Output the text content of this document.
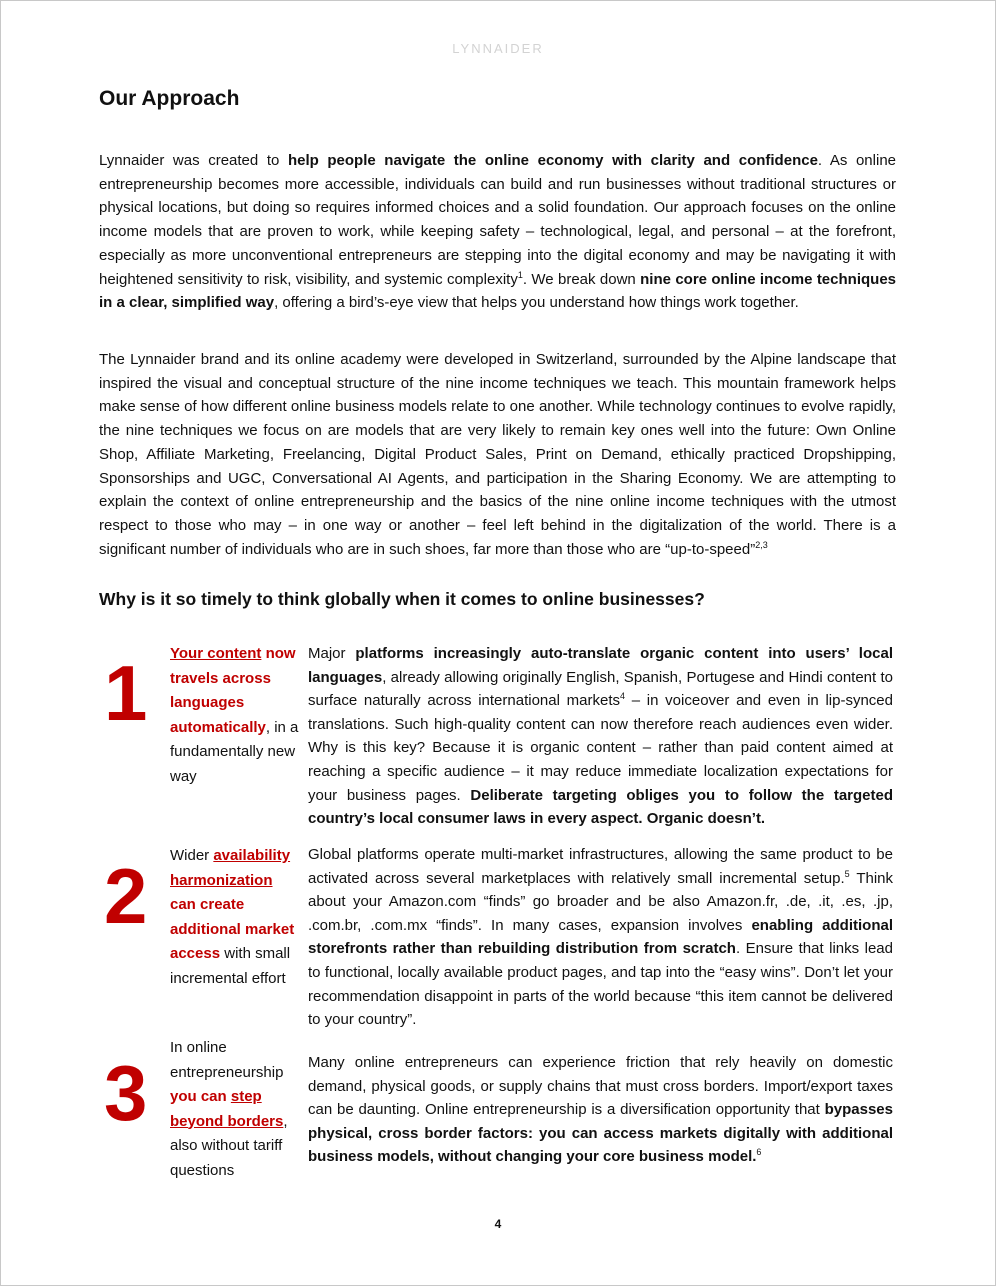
LYNNAIDER
Our Approach

Lynnaider was created to help people navigate the online economy with clarity and confidence. As online entrepreneurship becomes more accessible, individuals can build and run businesses without traditional structures or physical locations, but doing so requires informed choices and a solid foundation. Our approach focuses on the online income models that are proven to work, while keeping safety – technological, legal, and personal – at the forefront, especially as more unconventional entrepreneurs are stepping into the digital economy and may be navigating it with heightened sensitivity to risk, visibility, and systemic complexity$^1$. We break down nine core online income techniques in a clear, simplified way, offering a bird’s-eye view that helps you understand how things work together.

The Lynnaider brand and its online academy were developed in Switzerland, surrounded by the Alpine landscape that inspired the visual and conceptual structure of the nine income techniques we teach. This mountain framework helps make sense of how different online business models relate to one another. While technology continues to evolve rapidly, the nine techniques we focus on are models that are very likely to remain key ones well into the future: Own Online Shop, Affiliate Marketing, Freelancing, Digital Product Sales, Print on Demand, ethically practiced Dropshipping, Sponsorships and UGC, Conversational AI Agents, and participation in the Sharing Economy. We are attempting to explain the context of online entrepreneurship and the basics of the nine online income techniques with the utmost respect to those who may – in one way or another – feel left behind in the digitalization of the world. There is a significant number of individuals who are in such shoes, far more than those who are “up-to-speed”$^{2,3}$

Why is it so timely to think globally when it comes to online businesses?
1 Your content now travels across languages automatically, in a fundamentally new way

Major platforms increasingly auto-translate organic content into users’ local languages, already allowing originally English, Spanish, Portugese and Hindi content to surface naturally across international markets$^4$ – in voiceover and even in lip-synced translations. Such high-quality content can now therefore reach audiences even wider. Why is this key? Because it is organic content – rather than paid content aimed at reaching a specific audience – it may reduce immediate localization expectations for your business pages. Deliberate targeting obliges you to follow the targeted country’s local consumer laws in every aspect. Organic doesn’t.

2 Wider availability harmonization can create additional market access with small incremental effort

Global platforms operate multi-market infrastructures, allowing the same product to be activated across several marketplaces with relatively small incremental setup.$^5$ Think about your Amazon.com “finds” go broader and be also Amazon.fr, .de, .it, .es, .jp, .com.br, .com.mx “finds”. In many cases, expansion involves enabling additional storefronts rather than rebuilding distribution from scratch. Ensure that links lead to functional, locally available product pages, and tap into the “easy wins”. Don’t let your recommendation disappoint in parts of the world because “this item cannot be delivered to your country”.

3
In online entrepreneurship you can step beyond borders, also without tariff questions

Many online entrepreneurs can experience friction that rely heavily on domestic demand, physical goods, or supply chains that must cross borders. Import/export taxes can be daunting. Online entrepreneurship is a diversification opportunity that bypasses physical, cross border factors: you can access markets digitally with additional business models, without changing your core business model.$^6$

4
